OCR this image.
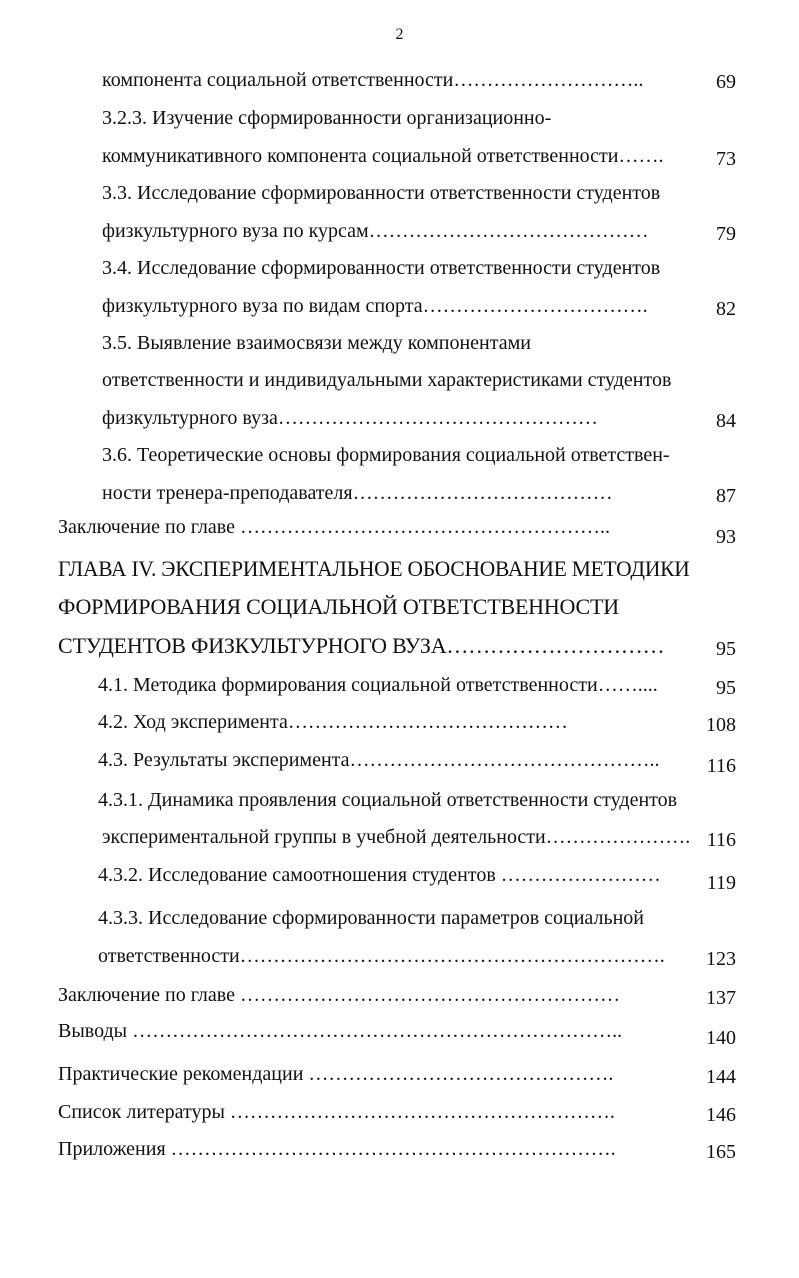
2
компонента социальной ответственности………………………..	69
3.2.3. Изучение сформированности организационно-
коммуникативного компонента социальной ответственности…….	73
3.3. Исследование сформированности ответственности студентов
физкультурного вуза по курсам……………………………………	79
3.4. Исследование сформированности ответственности студентов
физкультурного вуза по видам спорта…………………………….	82
3.5. Выявление взаимосвязи между компонентами
ответственности и индивидуальными характеристиками студентов
физкультурного вуза…………………………………………	84
3.6. Теоретические основы формирования социальной ответствен-
ности тренера-преподавателя…………………………………	87
Заключение по главе ………………………………………………..	93
ГЛАВА IV. ЭКСПЕРИМЕНТАЛЬНОЕ ОБОСНОВАНИЕ МЕТОДИКИ
ФОРМИРОВАНИЯ СОЦИАЛЬНОЙ ОТВЕТСТВЕННОСТИ
СТУДЕНТОВ ФИЗКУЛЬТУРНОГО ВУЗА…………………………	95
4.1. Методика формирования социальной ответственности……....	95
4.2. Ход эксперимента……………………………………	108
4.3. Результаты эксперимента………………………………………..	116
4.3.1. Динамика проявления социальной ответственности студентов
экспериментальной группы в учебной деятельности…………………. 116
4.3.2. Исследование самоотношения студентов ……………………	119
4.3.3. Исследование сформированности параметров социальной
ответственности……………………………………………………….	123
Заключение по главе …………………………………………………	137
Выводы ………………………………………………………………..	140
Практические рекомендации ……………………………………….	144
Список литературы ………………………………………………….	146
Приложения ………………………………………………………….	165
